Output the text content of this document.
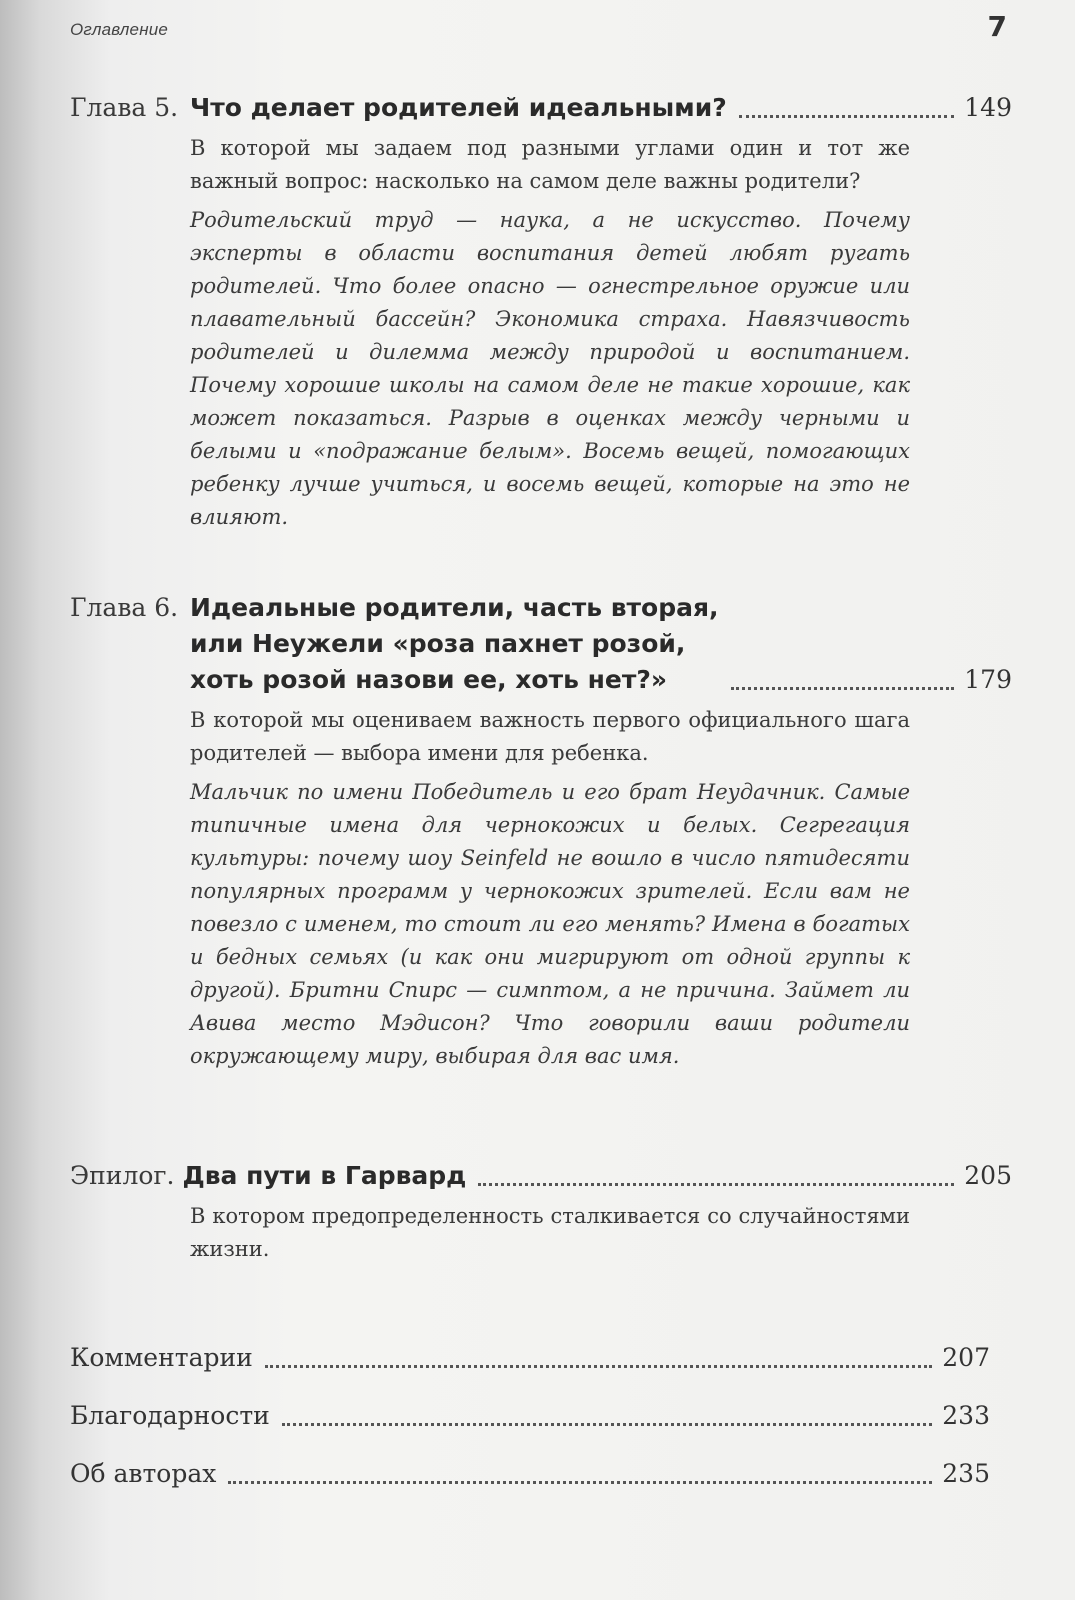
Оглавление	7
Глава 5. Что делает родителей идеальными?	149
В которой мы задаем под разными углами один и тот же важный вопрос: насколько на самом деле важны родители?
Родительский труд — наука, а не искусство. Почему эксперты в области воспитания детей любят ругать родителей. Что более опасно — огнестрельное оружие или плавательный бассейн? Экономика страха. Навязчивость родителей и дилемма между природой и воспитанием. Почему хорошие школы на самом деле не такие хорошие, как может показаться. Разрыв в оценках между черными и белыми и «подражание белым». Восемь вещей, помогающих ребенку лучше учиться, и восемь вещей, которые на это не влияют.
Глава 6. Идеальные родители, часть вторая,
или Неужели «роза пахнет розой,
хоть розой назови ее, хоть нет?»	179
В которой мы оцениваем важность первого официального шага родителей — выбора имени для ребенка.
Мальчик по имени Победитель и его брат Неудачник. Самые типичные имена для чернокожих и белых. Сегрегация культуры: почему шоу Seinfeld не вошло в число пятидесяти популярных программ у чернокожих зрителей. Если вам не повезло с именем, то стоит ли его менять? Имена в богатых и бедных семьях (и как они мигрируют от одной группы к другой). Бритни Спирс — симптом, а не причина. Займет ли Авива место Мэдисон? Что говорили ваши родители окружающему миру, выбирая для вас имя.
Эпилог. Два пути в Гарвард	205
В котором предопределенность сталкивается со случайностями жизни.
Комментарии	207
Благодарности	233
Об авторах	235
